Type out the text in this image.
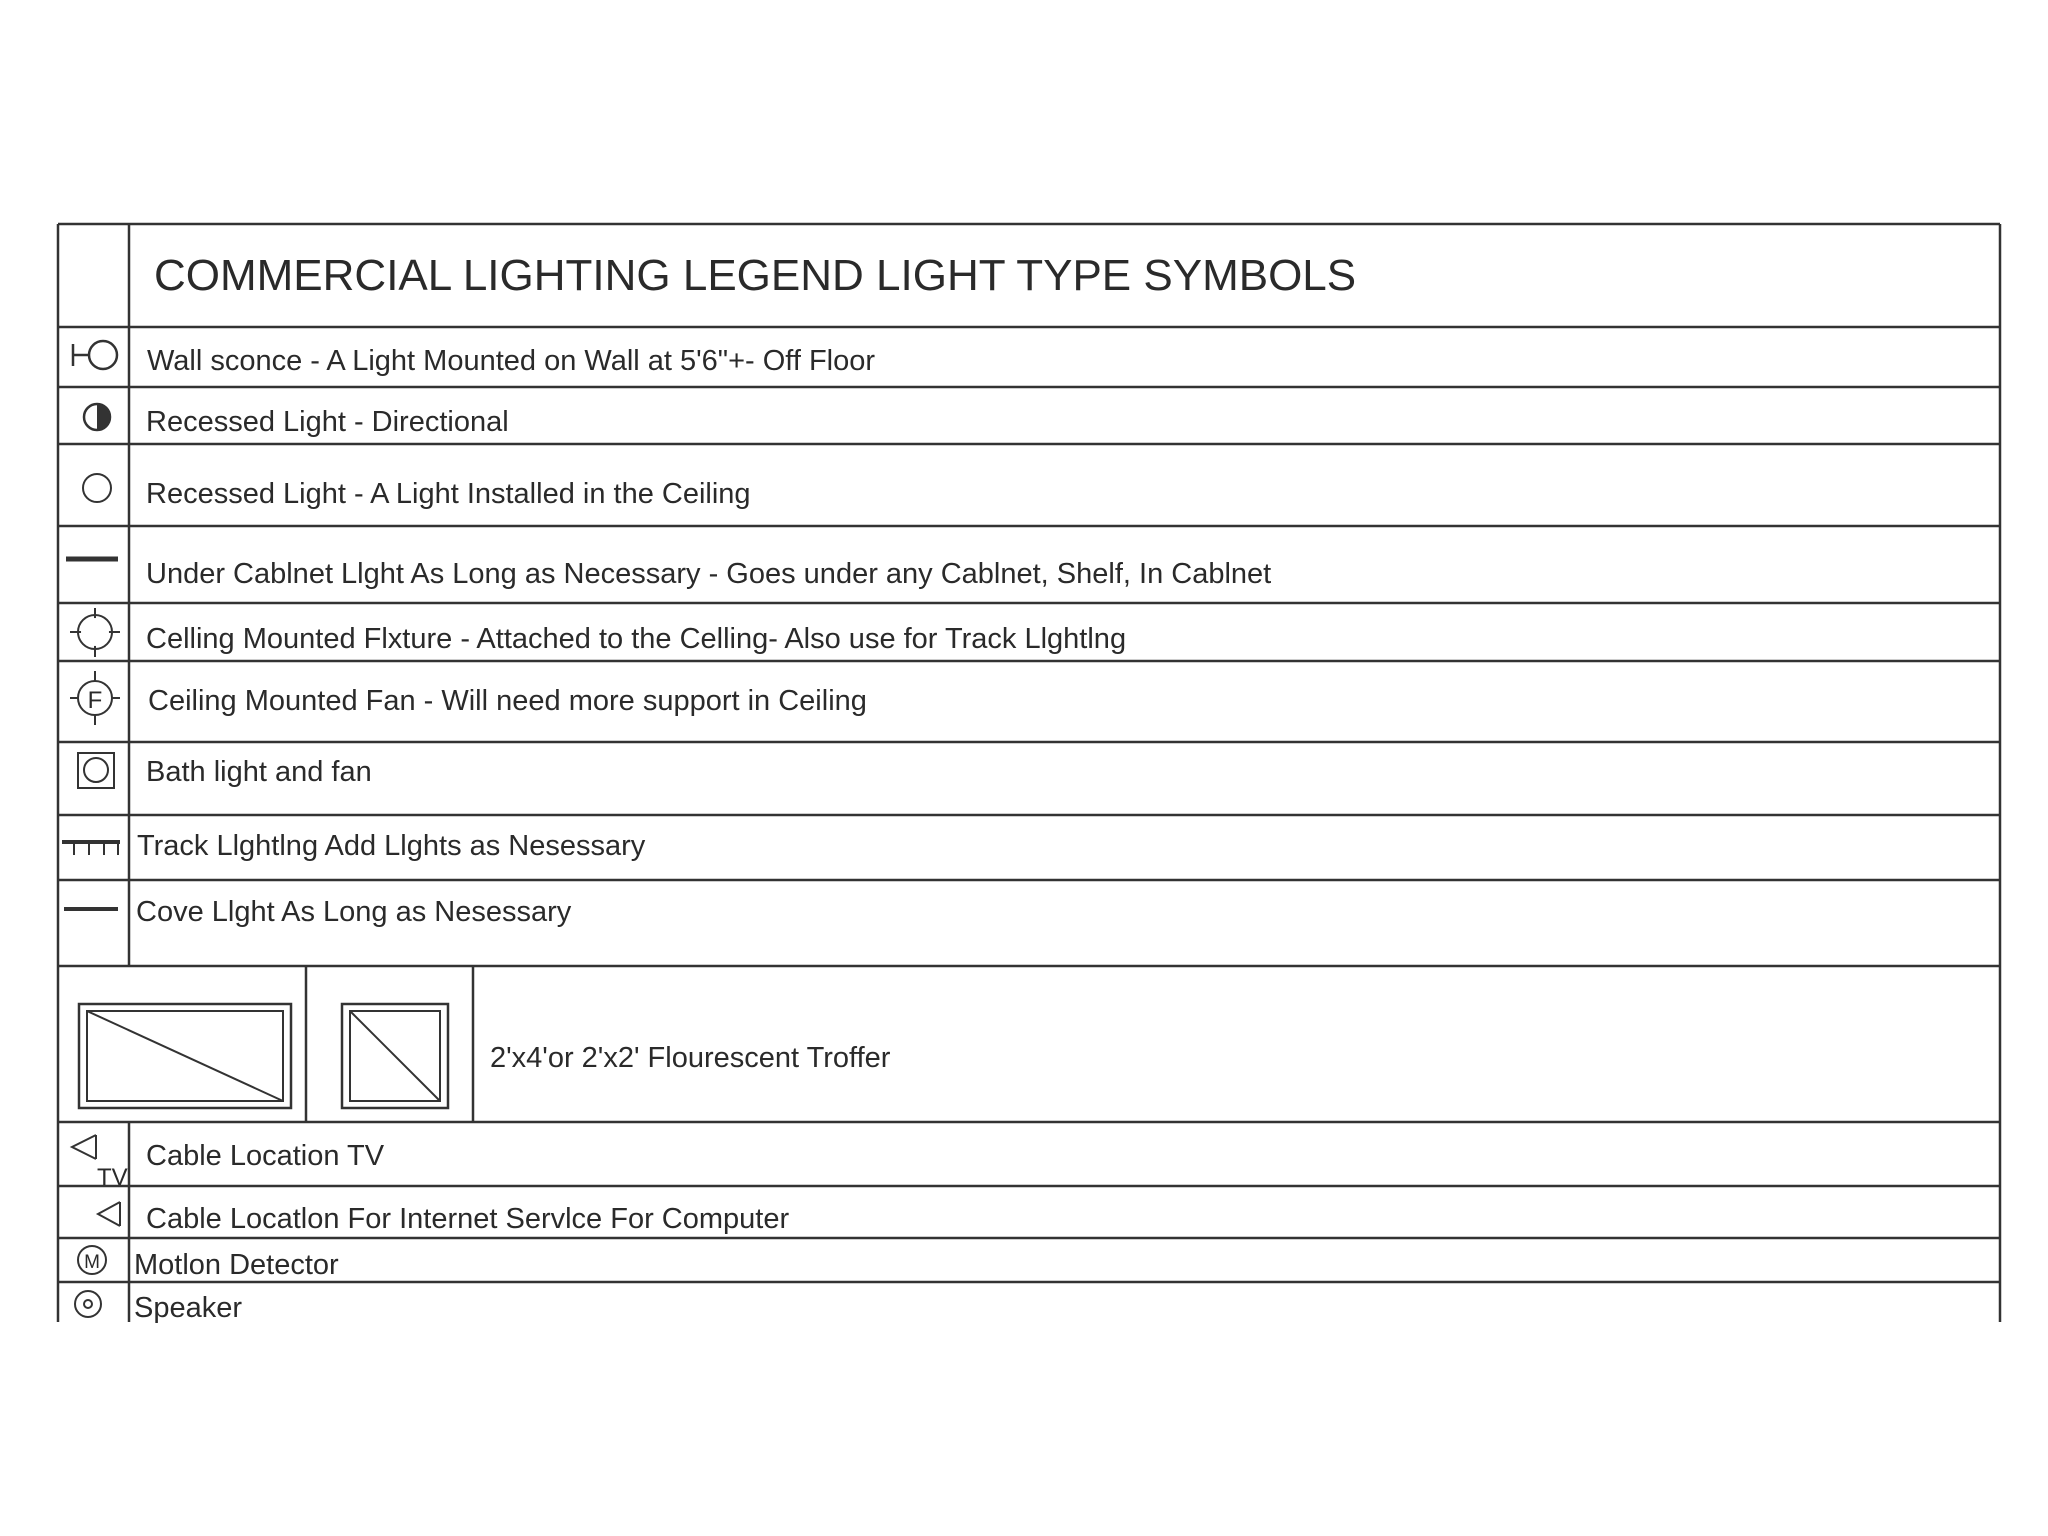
COMMERCIAL LIGHTING LEGEND LIGHT TYPE SYMBOLS
Wall sconce - A Light Mounted on Wall at 5'6"+- Off Floor
Recessed Light - Directional
Recessed Light - A Light Installed in the Ceiling
Under Cablnet Llght As Long as Necessary - Goes under any Cablnet, Shelf, In Cablnet
Celling Mounted Flxture - Attached to the Celling- Also use for Track Llghtlng
F Ceiling Mounted Fan - Will need more support in Ceiling
Bath light and fan
Track Llghtlng Add Llghts as Nesessary
Cove Llght As Long as Nesessary
2'x4'or 2'x2' Flourescent Troffer
TV
Cable Location TV
Cable Locatlon For Internet Servlce For Computer
M Motlon Detector
Speaker
